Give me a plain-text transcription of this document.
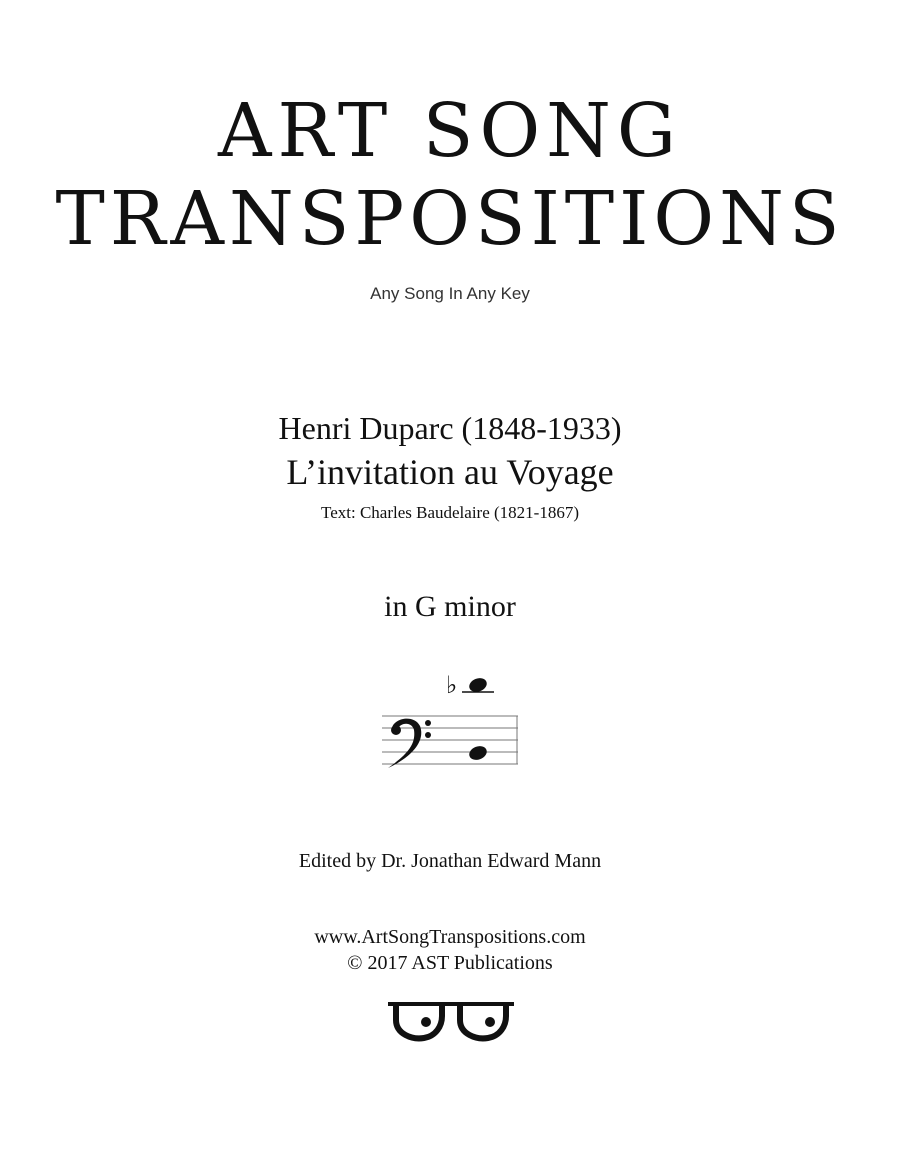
ART SONG
TRANSPOSITIONS
Any Song In Any Key
Henri Duparc (1848-1933)
L’invitation au Voyage
Text: Charles Baudelaire (1821-1867)
in G minor
♭
Edited by Dr. Jonathan Edward Mann
www.ArtSongTranspositions.com
© 2017 AST Publications
